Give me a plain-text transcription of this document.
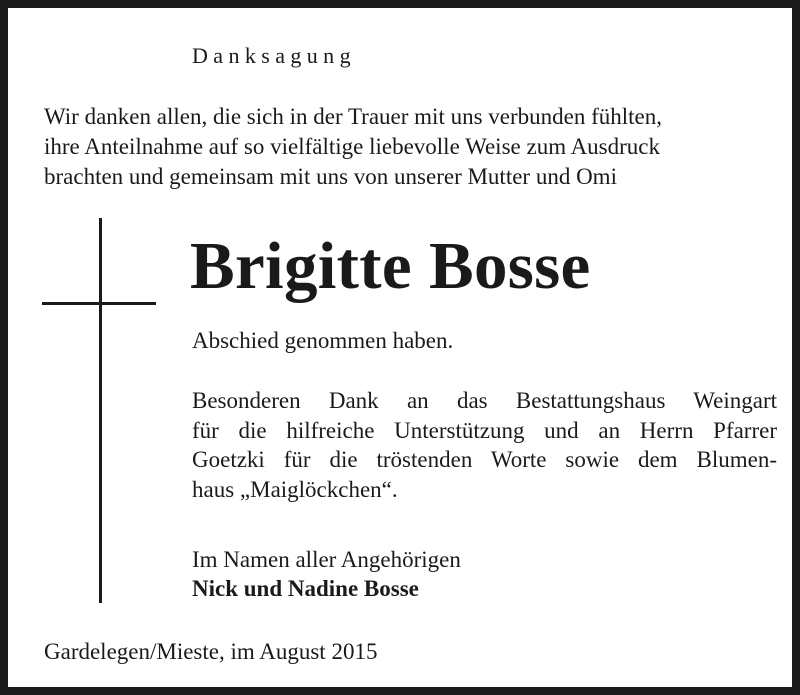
Danksagung
Wir danken allen, die sich in der Trauer mit uns verbunden fühlten,
ihre Anteilnahme auf so vielfältige liebevolle Weise zum Ausdruck
brachten und gemeinsam mit uns von unserer Mutter und Omi
Brigitte Bosse
Abschied genommen haben.
Besonderen Dank an das Bestattungshaus Weingart
für die hilfreiche Unterstützung und an Herrn Pfarrer
Goetzki für die tröstenden Worte sowie dem Blumen-
haus „Maiglöckchen“.
Im Namen aller Angehörigen
Nick und Nadine Bosse
Gardelegen/Mieste, im August 2015
